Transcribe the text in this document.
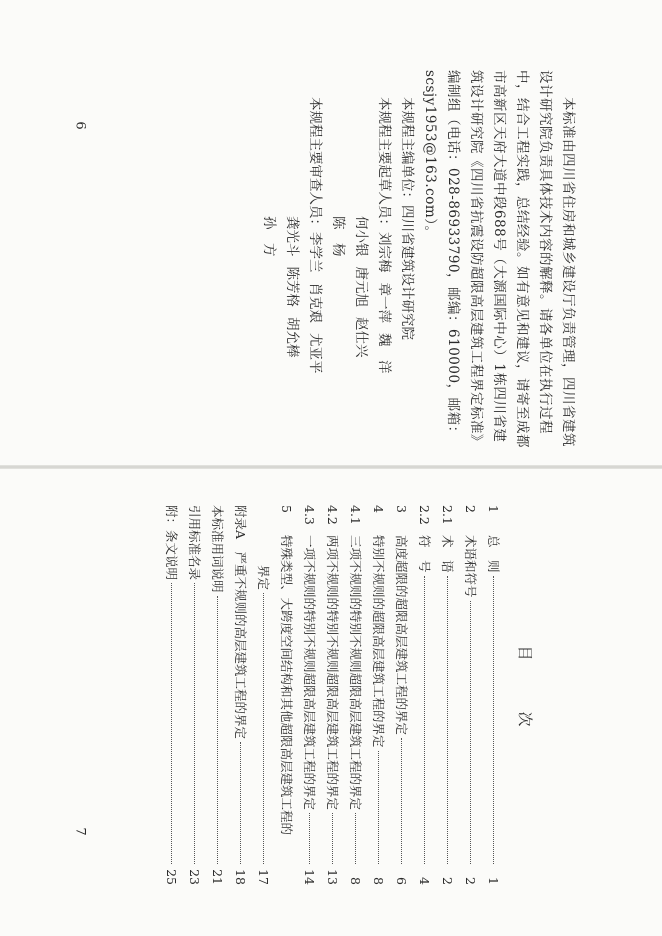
本标准由四川省住房和城乡建设厅负责管理，四川省建筑设计研究院负责具体技术内容的解释。请各单位在执行过程中，结合工程实践，总结经验。如有意见和建议，请寄至成都市高新区天府大道中段688号（大源国际中心）1栋四川省建筑设计研究院《四川省抗震设防超限高层建筑工程界定标准》编制组（电话：028-86933790，邮编：610000，邮箱：scsjy1953@163.com）。
本规程主编单位：
四川省建筑设计研究院
本规程主要起草人员：
刘宗梅
章一萍
魏　洋
何小银
唐元旭
赵仕兴
陈　杨
本规程主要审查人员：
李学兰
肖克艰
尤亚平
龚光斗
陈芳格
胡允棒
孙　方
6
目　次
1
总　则
1
2
术语和符号
2
2.1
术　语
2
2.2
符　号
4
3
高度超限的超限高层建筑工程的界定
6
4
特别不规则的超限高层建筑工程的界定
8
4.1
三项不规则的特别不规则超限高层建筑工程的界定
8
4.2
两项不规则的特别不规则超限高层建筑工程的界定
13
4.3
一项不规则的特别不规则超限高层建筑工程的界定
14
5
特殊类型、大跨度空间结构和其他超限高层建筑工程的
界定
17
附录A　严重不规则的高层建筑工程的界定
18
本标准用词说明
21
引用标准名录
23
附：条文说明
25
7
